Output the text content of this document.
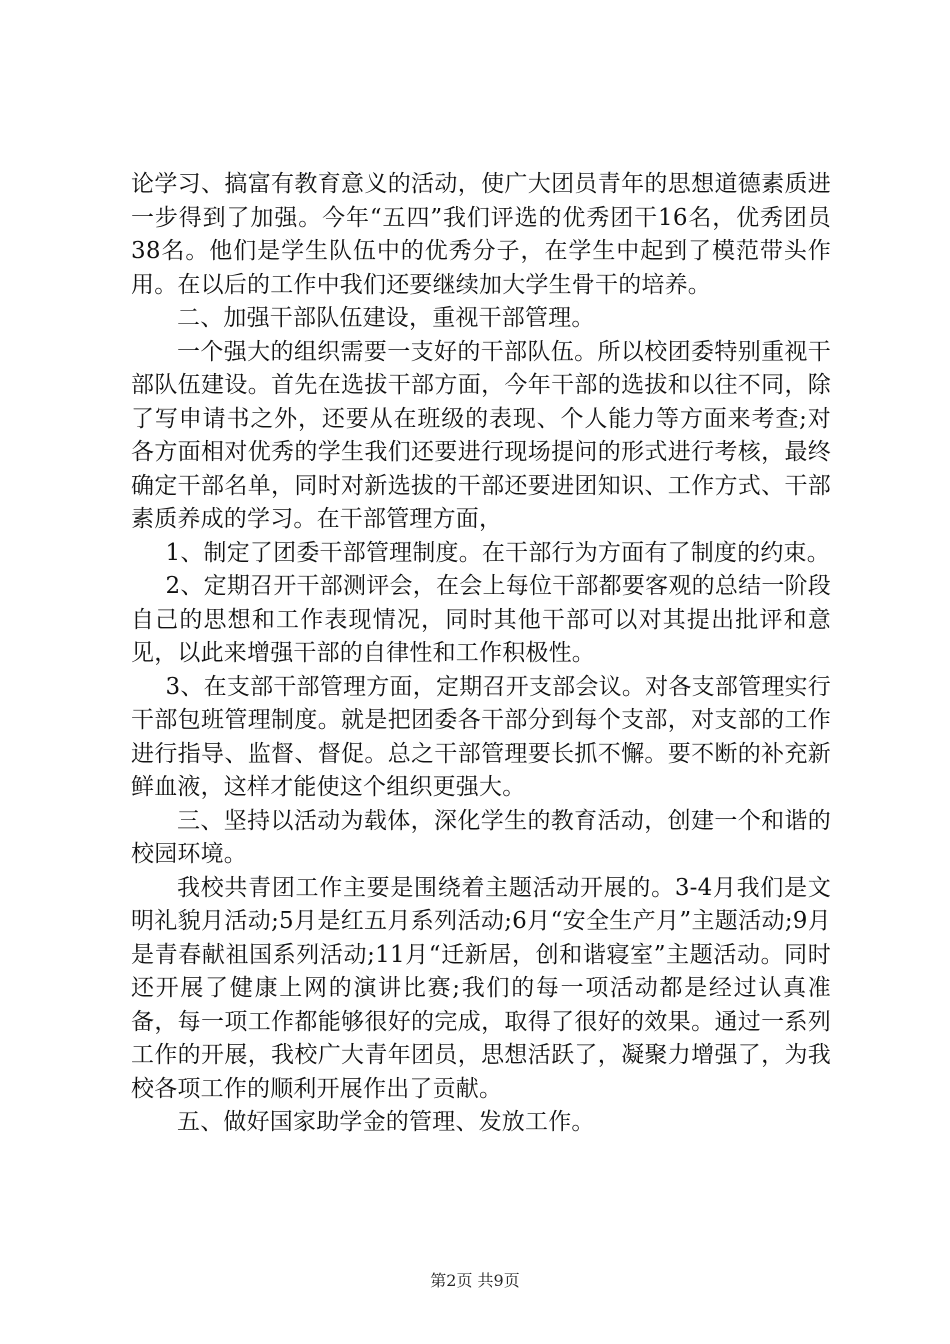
论学习、搞富有教育意义的活动，使广大团员青年的思想道德素质进一步得到了加强。今年“五四”我们评选的优秀团干16名，优秀团员38名。他们是学生队伍中的优秀分子，在学生中起到了模范带头作用。在以后的工作中我们还要继续加大学生骨干的培养。

二、加强干部队伍建设，重视干部管理。

一个强大的组织需要一支好的干部队伍。所以校团委特别重视干部队伍建设。首先在选拔干部方面，今年干部的选拔和以往不同，除了写申请书之外，还要从在班级的表现、个人能力等方面来考查;对各方面相对优秀的学生我们还要进行现场提问的形式进行考核，最终确定干部名单，同时对新选拔的干部还要进团知识、工作方式、干部素质养成的学习。在干部管理方面，

1、制定了团委干部管理制度。在干部行为方面有了制度的约束。

2、定期召开干部测评会，在会上每位干部都要客观的总结一阶段自己的思想和工作表现情况，同时其他干部可以对其提出批评和意见，以此来增强干部的自律性和工作积极性。

3、在支部干部管理方面，定期召开支部会议。对各支部管理实行干部包班管理制度。就是把团委各干部分到每个支部，对支部的工作进行指导、监督、督促。总之干部管理要长抓不懈。要不断的补充新鲜血液，这样才能使这个组织更强大。

三、坚持以活动为载体，深化学生的教育活动，创建一个和谐的校园环境。

我校共青团工作主要是围绕着主题活动开展的。3-4月我们是文明礼貌月活动;5月是红五月系列活动;6月“安全生产月”主题活动;9月是青春献祖国系列活动;11月“迁新居，创和谐寝室”主题活动。同时还开展了健康上网的演讲比赛;我们的每一项活动都是经过认真准备，每一项工作都能够很好的完成，取得了很好的效果。通过一系列工作的开展，我校广大青年团员，思想活跃了，凝聚力增强了，为我校各项工作的顺利开展作出了贡献。

五、做好国家助学金的管理、发放工作。

第2页 共9页
